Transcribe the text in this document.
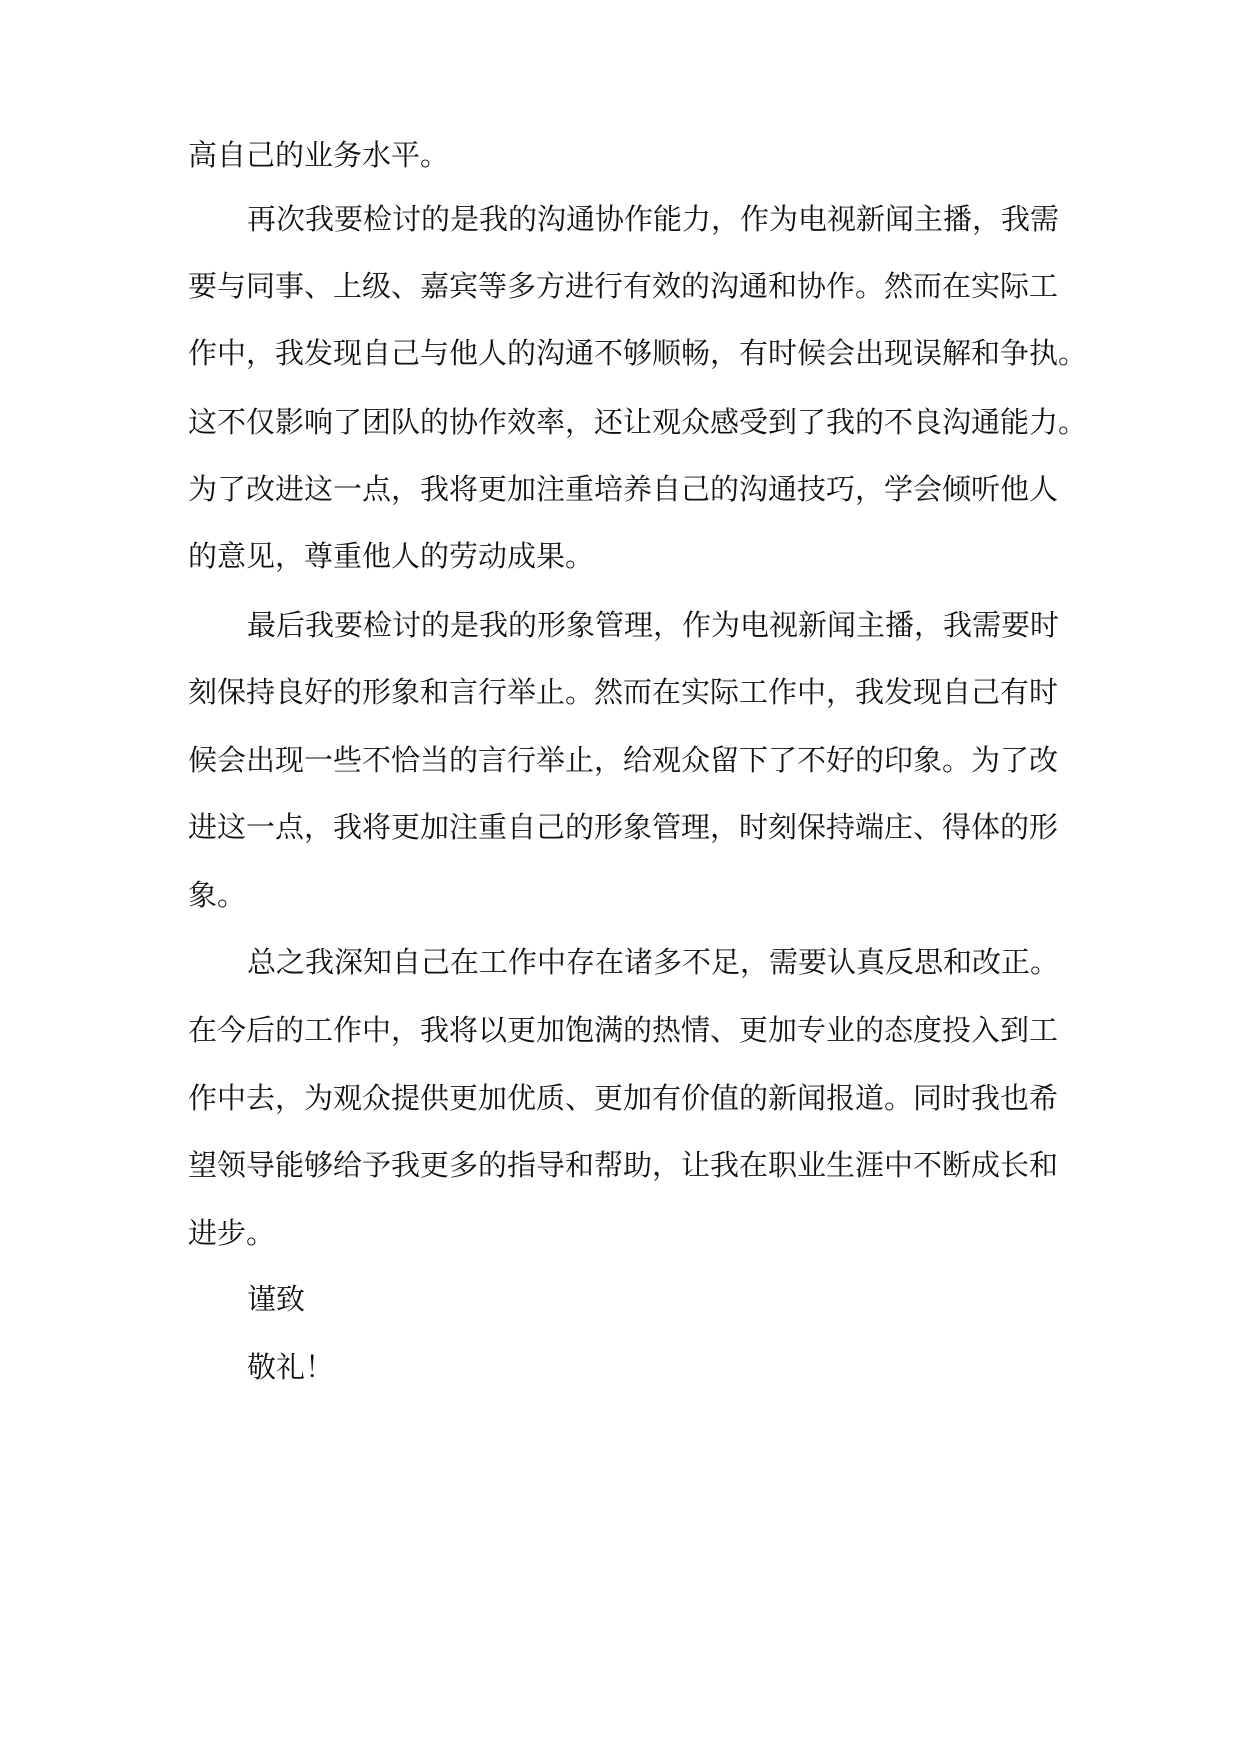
高自己的业务水平。
再次我要检讨的是我的沟通协作能力，作为电视新闻主播，我需
要与同事、上级、嘉宾等多方进行有效的沟通和协作。然而在实际工
作中，我发现自己与他人的沟通不够顺畅，有时候会出现误解和争执。
这不仅影响了团队的协作效率，还让观众感受到了我的不良沟通能力。
为了改进这一点，我将更加注重培养自己的沟通技巧，学会倾听他人
的意见，尊重他人的劳动成果。
最后我要检讨的是我的形象管理，作为电视新闻主播，我需要时
刻保持良好的形象和言行举止。然而在实际工作中，我发现自己有时
候会出现一些不恰当的言行举止，给观众留下了不好的印象。为了改
进这一点，我将更加注重自己的形象管理，时刻保持端庄、得体的形
象。
总之我深知自己在工作中存在诸多不足，需要认真反思和改正。
在今后的工作中，我将以更加饱满的热情、更加专业的态度投入到工
作中去，为观众提供更加优质、更加有价值的新闻报道。同时我也希
望领导能够给予我更多的指导和帮助，让我在职业生涯中不断成长和
进步。
谨致
敬礼！
